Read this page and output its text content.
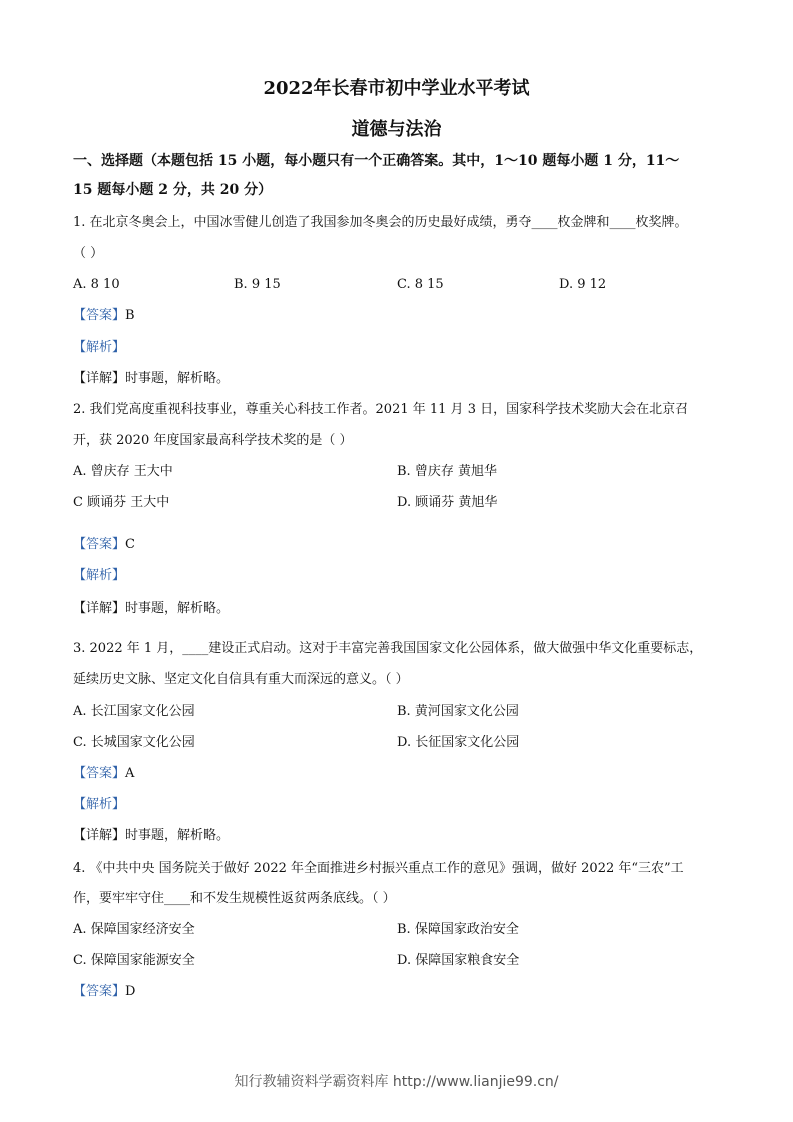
2022年长春市初中学业水平考试
道德与法治
一、选择题（本题包括 15 小题，每小题只有一个正确答案。其中，1～10 题每小题 1 分，11～
15 题每小题 2 分，共 20 分）
1. 在北京冬奥会上，中国冰雪健儿创造了我国参加冬奥会的历史最好成绩，勇夺____枚金牌和____枚奖牌。
（ ）
A. 8 10	B. 9 15	C. 8 15	D. 9 12
【答案】B
【解析】
【详解】时事题，解析略。
2. 我们党高度重视科技事业，尊重关心科技工作者。2021 年 11 月 3 日，国家科学技术奖励大会在北京召
开，获 2020 年度国家最高科学技术奖的是（ ）
A. 曾庆存 王大中	B. 曾庆存 黄旭华
C 顾诵芬 王大中	D. 顾诵芬 黄旭华
【答案】C
【解析】
【详解】时事题，解析略。
3. 2022 年 1 月，____建设正式启动。这对于丰富完善我国国家文化公园体系，做大做强中华文化重要标志，
延续历史文脉、坚定文化自信具有重大而深远的意义。（ ）
A. 长江国家文化公园	B. 黄河国家文化公园
C. 长城国家文化公园	D. 长征国家文化公园
【答案】A
【解析】
【详解】时事题，解析略。
4. 《中共中央 国务院关于做好 2022 年全面推进乡村振兴重点工作的意见》强调，做好 2022 年“三农”工
作，要牢牢守住____和不发生规模性返贫两条底线。（ ）
A. 保障国家经济安全	B. 保障国家政治安全
C. 保障国家能源安全	D. 保障国家粮食安全
【答案】D
知行教辅资料学霸资料库 http://www.lianjie99.cn/
